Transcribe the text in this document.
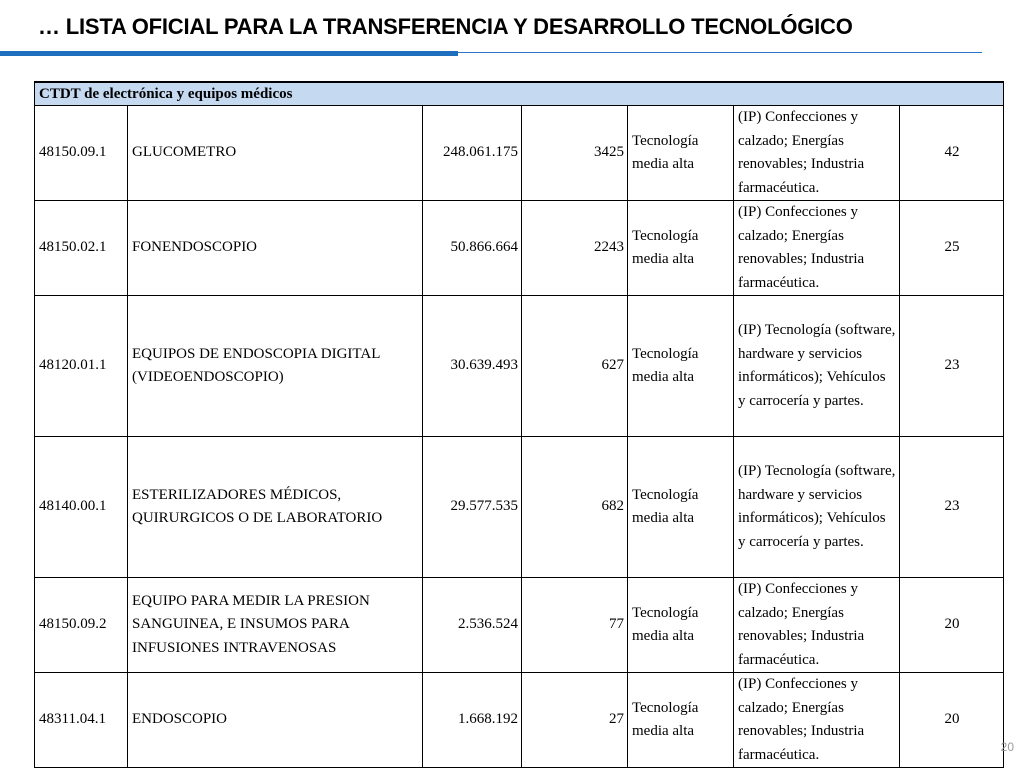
… LISTA OFICIAL PARA LA TRANSFERENCIA Y DESARROLLO TECNOLÓGICO
CTDT de electrónica y equipos médicos						
48150.09.1	GLUCOMETRO	248.061.175	3425	Tecnología media alta	(IP) Confecciones y calzado; Energías renovables; Industria farmacéutica.	42
48150.02.1	FONENDOSCOPIO	50.866.664	2243	Tecnología media alta	(IP) Confecciones y calzado; Energías renovables; Industria farmacéutica.	25
48120.01.1	EQUIPOS DE ENDOSCOPIA DIGITAL (VIDEOENDOSCOPIO)	30.639.493	627	Tecnología media alta	(IP) Tecnología (software, hardware y servicios informáticos); Vehículos y carrocería y partes.	23
48140.00.1	ESTERILIZADORES MÉDICOS, QUIRURGICOS O DE LABORATORIO	29.577.535	682	Tecnología media alta	(IP) Tecnología (software, hardware y servicios informáticos); Vehículos y carrocería y partes.	23
48150.09.2	EQUIPO PARA MEDIR LA PRESION SANGUINEA, E INSUMOS PARA INFUSIONES INTRAVENOSAS	2.536.524	77	Tecnología media alta	(IP) Confecciones y calzado; Energías renovables; Industria farmacéutica.	20
48311.04.1	ENDOSCOPIO	1.668.192	27	Tecnología media alta	(IP) Confecciones y calzado; Energías renovables; Industria farmacéutica.	20
20
